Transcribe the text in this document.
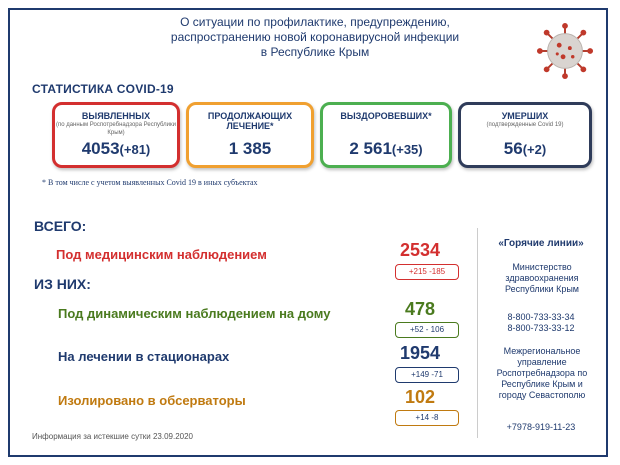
О ситуации по профилактике, предупреждению,
распространению новой коронавирусной инфекции
в Республике Крым
СТАТИСТИКА COVID-19
ВЫЯВЛЕННЫХ
(по данным Роспотребнадзора Республики Крым)
4053(+81)
ПРОДОЛЖАЮЩИХ ЛЕЧЕНИЕ*
1 385
ВЫЗДОРОВЕВШИХ*
2 561(+35)
УМЕРШИХ
(подтвержденные Covid 19)
56(+2)
* В том числе с учетом выявленных Covid 19 в иных субъектах
ВСЕГО:
ИЗ НИХ:
Под медицинским наблюдением
Под динамическим наблюдением на дому
На лечении в стационарах
Изолировано в обсерваторы
2534
+215 -185
478
+52 - 106
1954
+149 -71
102
+14 -8
«Горячие линии»
Министерство здравоохранения Республики Крым
8-800-733-33-34
8-800-733-33-12
Межрегиональное управление Роспотребнадзора по Республике Крым и городу Севастополю
+7978-919-11-23
Информация за истекшие сутки 23.09.2020
